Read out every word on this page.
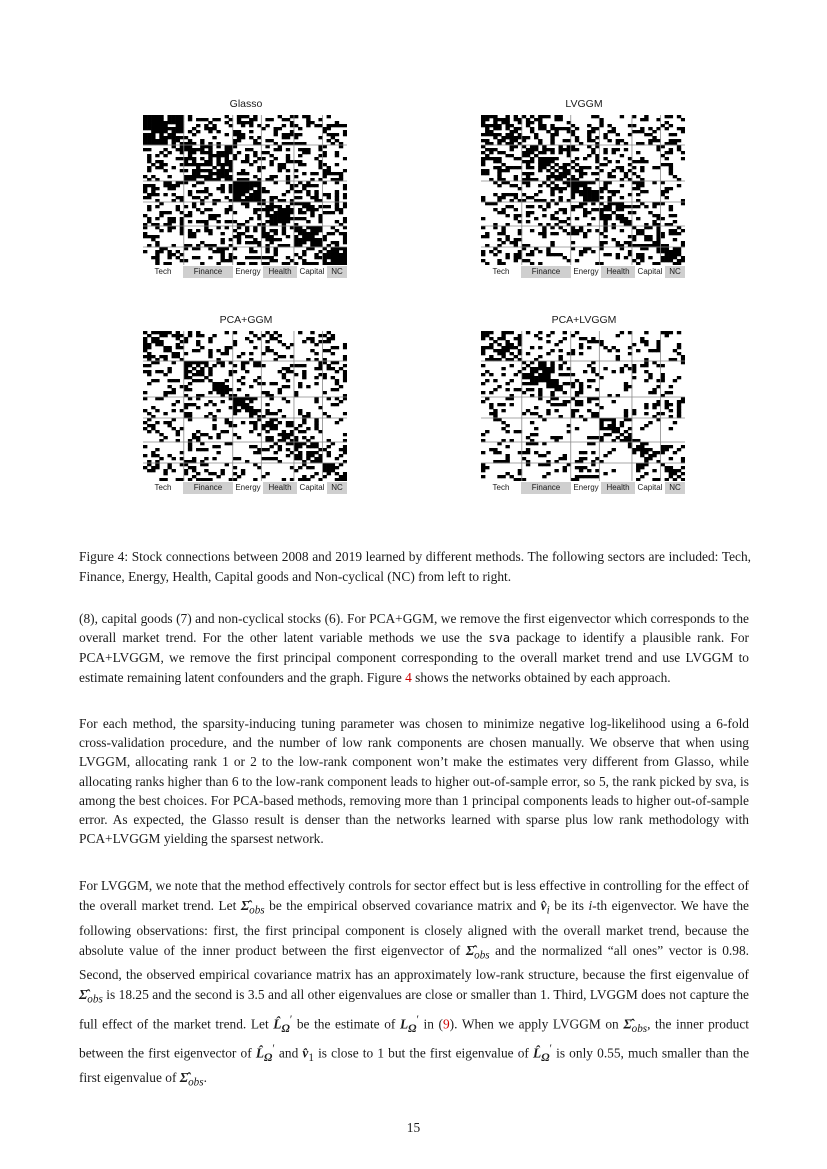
Glasso
Tech	Finance	Energy Health Capital NC
LVGGM
Tech	Finance	Energy Health Capital NC
PCA+GGM
Tech	Finance	Energy Health Capital NC
PCA+LVGGM
Tech	Finance	Energy Health Capital NC
Figure 4: Stock connections between 2008 and 2019 learned by different methods. The following sectors are included: Tech, Finance, Energy, Health, Capital goods and Non-cyclical (NC) from left to right.
(8), capital goods (7) and non-cyclical stocks (6). For PCA+GGM, we remove the first eigenvector which corresponds to the overall market trend. For the other latent variable methods we use the sva package to identify a plausible rank. For PCA+LVGGM, we remove the first principal component corresponding to the overall market trend and use LVGGM to estimate remaining latent confounders and the graph. Figure 4 shows the networks obtained by each approach.
For each method, the sparsity-inducing tuning parameter was chosen to minimize negative log-likelihood using a 6-fold cross-validation procedure, and the number of low rank components are chosen manually. We observe that when using LVGGM, allocating rank 1 or 2 to the low-rank component won’t make the estimates very different from Glasso, while allocating ranks higher than 6 to the low-rank component leads to higher out-of-sample error, so 5, the rank picked by sva, is among the best choices. For PCA-based methods, removing more than 1 principal components leads to higher out-of-sample error. As expected, the Glasso result is denser than the networks learned with sparse plus low rank methodology with PCA+LVGGM yielding the sparsest network.
For LVGGM, we note that the method effectively controls for sector effect but is less effective in controlling for the effect of the overall market trend. Let $\Sigmâ_{obs}$ be the empirical observed covariance matrix and $v̂_i$ be its i-th eigenvector. We have the following observations: first, the first principal component is closely aligned with the overall market trend, because the absolute value of the inner product between the first eigenvector of $\Sigmâ_{obs}$ and the normalized “all ones” vector is 0.98. Second, the observed empirical covariance matrix has an approximately low-rank structure, because the first eigenvalue of $\Sigmâ_{obs}$ is 18.25 and the second is 3.5 and all other eigenvalues are close or smaller than 1. Third, LVGGM does not capture the full effect of the market trend. Let $L̂_\Omega'$ be the estimate of $L_\Omega'$ in (9). When we apply LVGGM on $\Sigmâ_{obs}$, the inner product between the first eigenvector of $L̂_\Omega'$ and $v̂_1$ is close to 1 but the first eigenvalue of $L̂_\Omega'$ is only 0.55, much smaller than the first eigenvalue of $\Sigmâ_{obs}$.
15
